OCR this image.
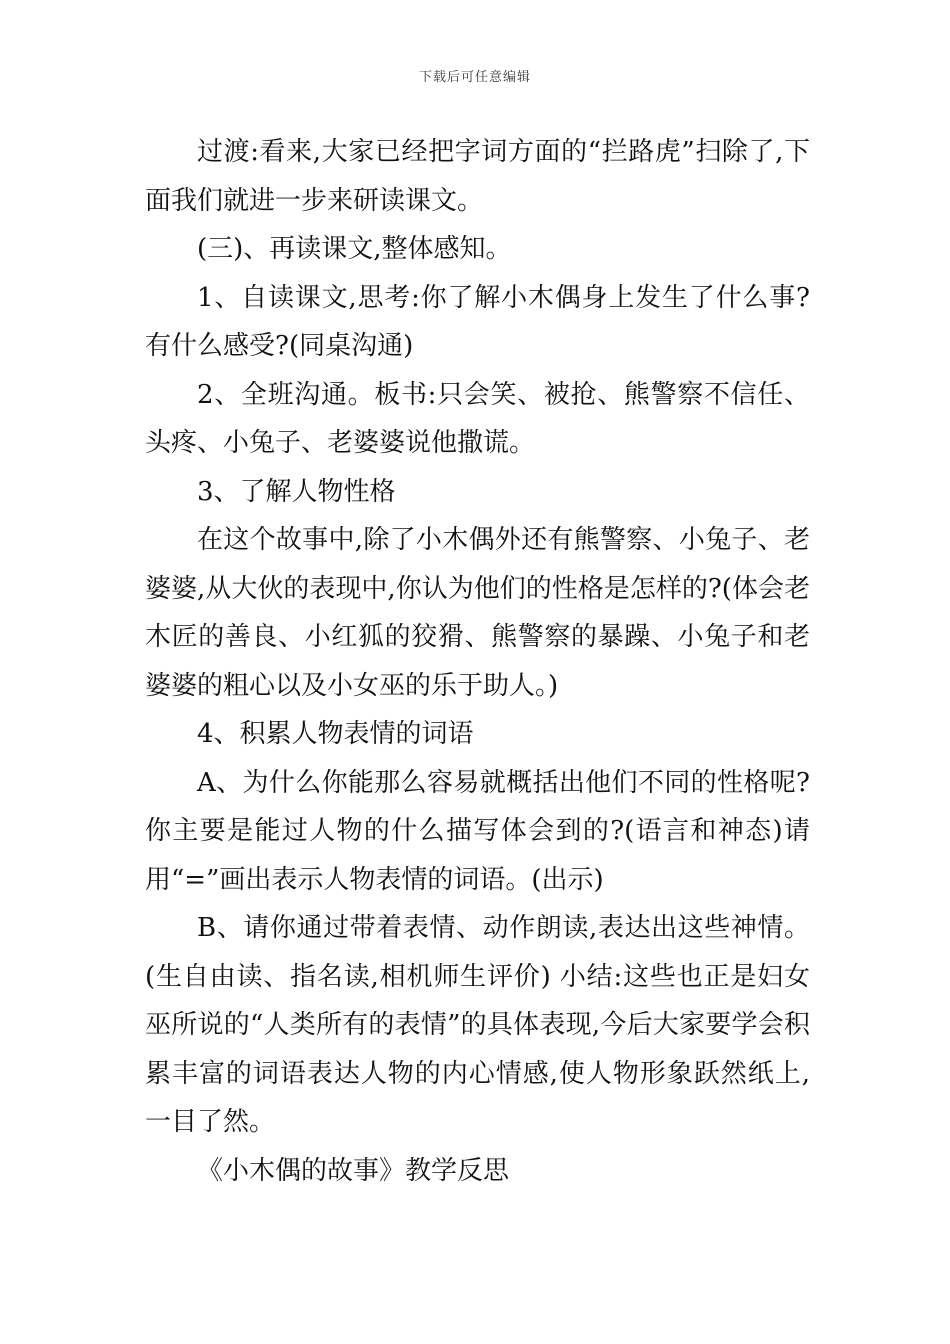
下载后可任意编辑

过渡:看来,大家已经把字词方面的“拦路虎”扫除了,下面我们就进一步来研读课文。

(三)、再读课文,整体感知。

1、自读课文,思考:你了解小木偶身上发生了什么事?有什么感受?(同桌沟通)

2、全班沟通。板书:只会笑、被抢、熊警察不信任、头疼、小兔子、老婆婆说他撒谎。

3、了解人物性格

在这个故事中,除了小木偶外还有熊警察、小兔子、老婆婆,从大伙的表现中,你认为他们的性格是怎样的?(体会老木匠的善良、小红狐的狡猾、熊警察的暴躁、小兔子和老婆婆的粗心以及小女巫的乐于助人。)

4、积累人物表情的词语

A、为什么你能那么容易就概括出他们不同的性格呢?你主要是能过人物的什么描写体会到的?(语言和神态)请用“=”画出表示人物表情的词语。(出示)

B、请你通过带着表情、动作朗读,表达出这些神情。(生自由读、指名读,相机师生评价) 小结:这些也正是妇女巫所说的“人类所有的表情”的具体表现,今后大家要学会积累丰富的词语表达人物的内心情感,使人物形象跃然纸上,一目了然。

《小木偶的故事》教学反思
